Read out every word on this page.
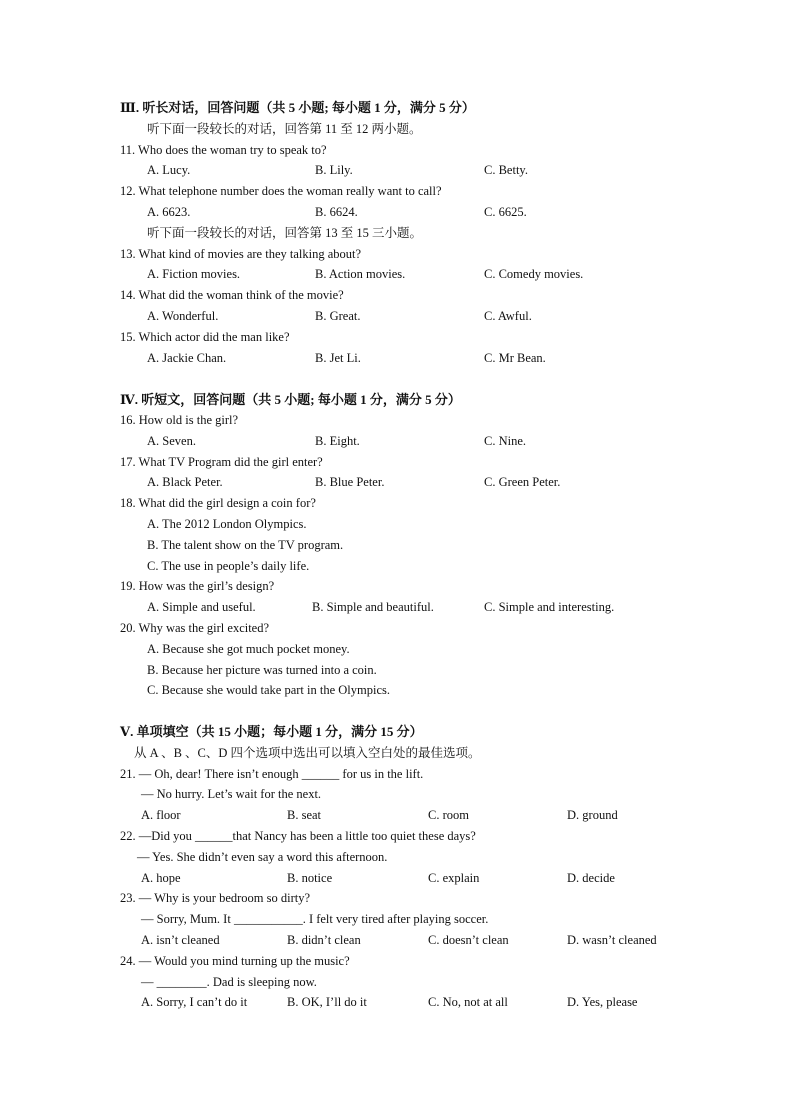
Ⅲ. 听长对话，回答问题（共 5 小题; 每小题 1 分，满分 5 分）
听下面一段较长的对话，回答第 11 至 12 两小题。
11. Who does the woman try to speak to?
A. Lucy.	B. Lily.	C. Betty.
12. What telephone number does the woman really want to call?
A. 6623.	B. 6624.	C. 6625.
听下面一段较长的对话，回答第 13 至 15 三小题。
13. What kind of movies are they talking about?
A. Fiction movies.	B. Action movies.	C. Comedy movies.
14. What did the woman think of the movie?
A. Wonderful.	B. Great.	C. Awful.
15. Which actor did the man like?
A. Jackie Chan.	B. Jet Li.	C. Mr Bean.
Ⅳ. 听短文，回答问题（共 5 小题; 每小题 1 分，满分 5 分）
16. How old is the girl?
A. Seven.	B. Eight.	C. Nine.
17. What TV Program did the girl enter?
A. Black Peter.	B. Blue Peter.	C. Green Peter.
18. What did the girl design a coin for?
A. The 2012 London Olympics.
B. The talent show on the TV program.
C. The use in people’s daily life.
19. How was the girl’s design?
A. Simple and useful.	B. Simple and beautiful.	C. Simple and interesting.
20. Why was the girl excited?
A. Because she got much pocket money.
B. Because her picture was turned into a coin.
C. Because she would take part in the Olympics.
Ⅴ. 单项填空（共 15 小题；每小题 1 分，满分 15 分）
从 A 、B 、C、D 四个选项中选出可以填入空白处的最佳选项。
21. — Oh, dear! There isn’t enough ______ for us in the lift.
— No hurry. Let’s wait for the next.
A. floor	B. seat	C. room	D. ground
22. —Did you ______that Nancy has been a little too quiet these days?
— Yes. She didn’t even say a word this afternoon.
A. hope	B. notice	C. explain	D. decide
23. — Why is your bedroom so dirty?
— Sorry, Mum. It ___________. I felt very tired after playing soccer.
A. isn’t cleaned	B. didn’t clean	C. doesn’t clean	D. wasn’t cleaned
24. — Would you mind turning up the music?
— ________. Dad is sleeping now.
A. Sorry, I can’t do it	B. OK, I’ll do it	C. No, not at all	D. Yes, please
